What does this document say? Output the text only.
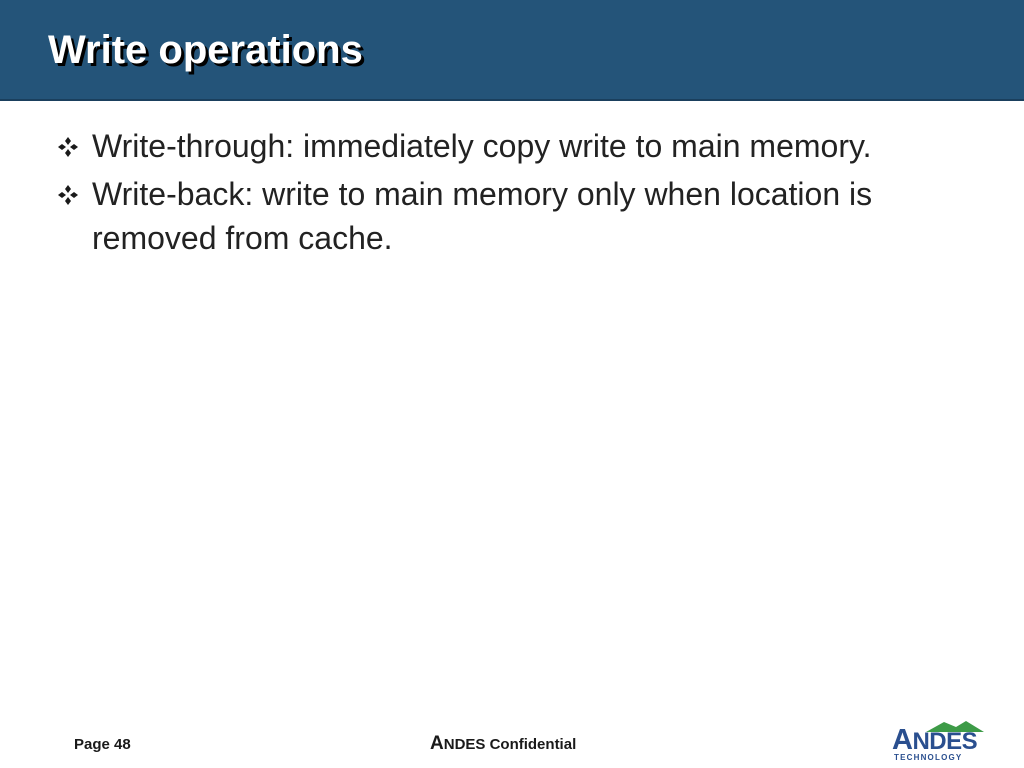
Write operations
Write-through: immediately copy write to main memory.
Write-back: write to main memory only when location is removed from cache.
Page 48	ANDES Confidential	ANDES
TECHNOLOGY
